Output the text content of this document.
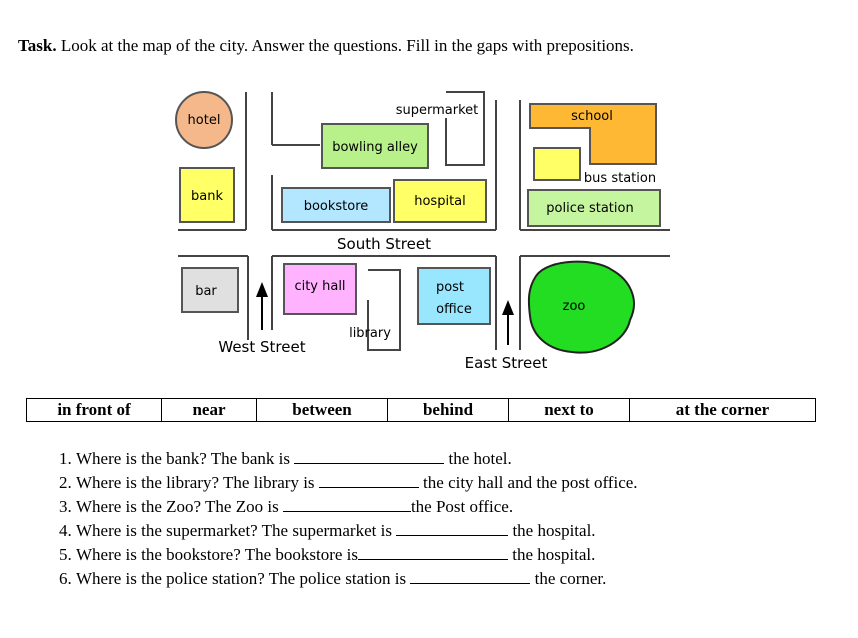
Task. Look at the map of the city. Answer the questions. Fill in the gaps with prepositions.
hotel
bank
bowling alley
supermarket
bookstore	hospital
school
bus station
police station
South Street
bar	city hall
library
post
office	zoo
West Street
East Street
in front of	near	between	behind	next to	at the corner
1. Where is the bank? The bank is	the hotel.
2. Where is the library? The library is	the city hall and the post office.
3. Where is the Zoo? The Zoo is	the Post office.
4. Where is the supermarket? The supermarket is	the hospital.
5. Where is the bookstore? The bookstore is	the hospital.
6. Where is the police station? The police station is	the corner.
